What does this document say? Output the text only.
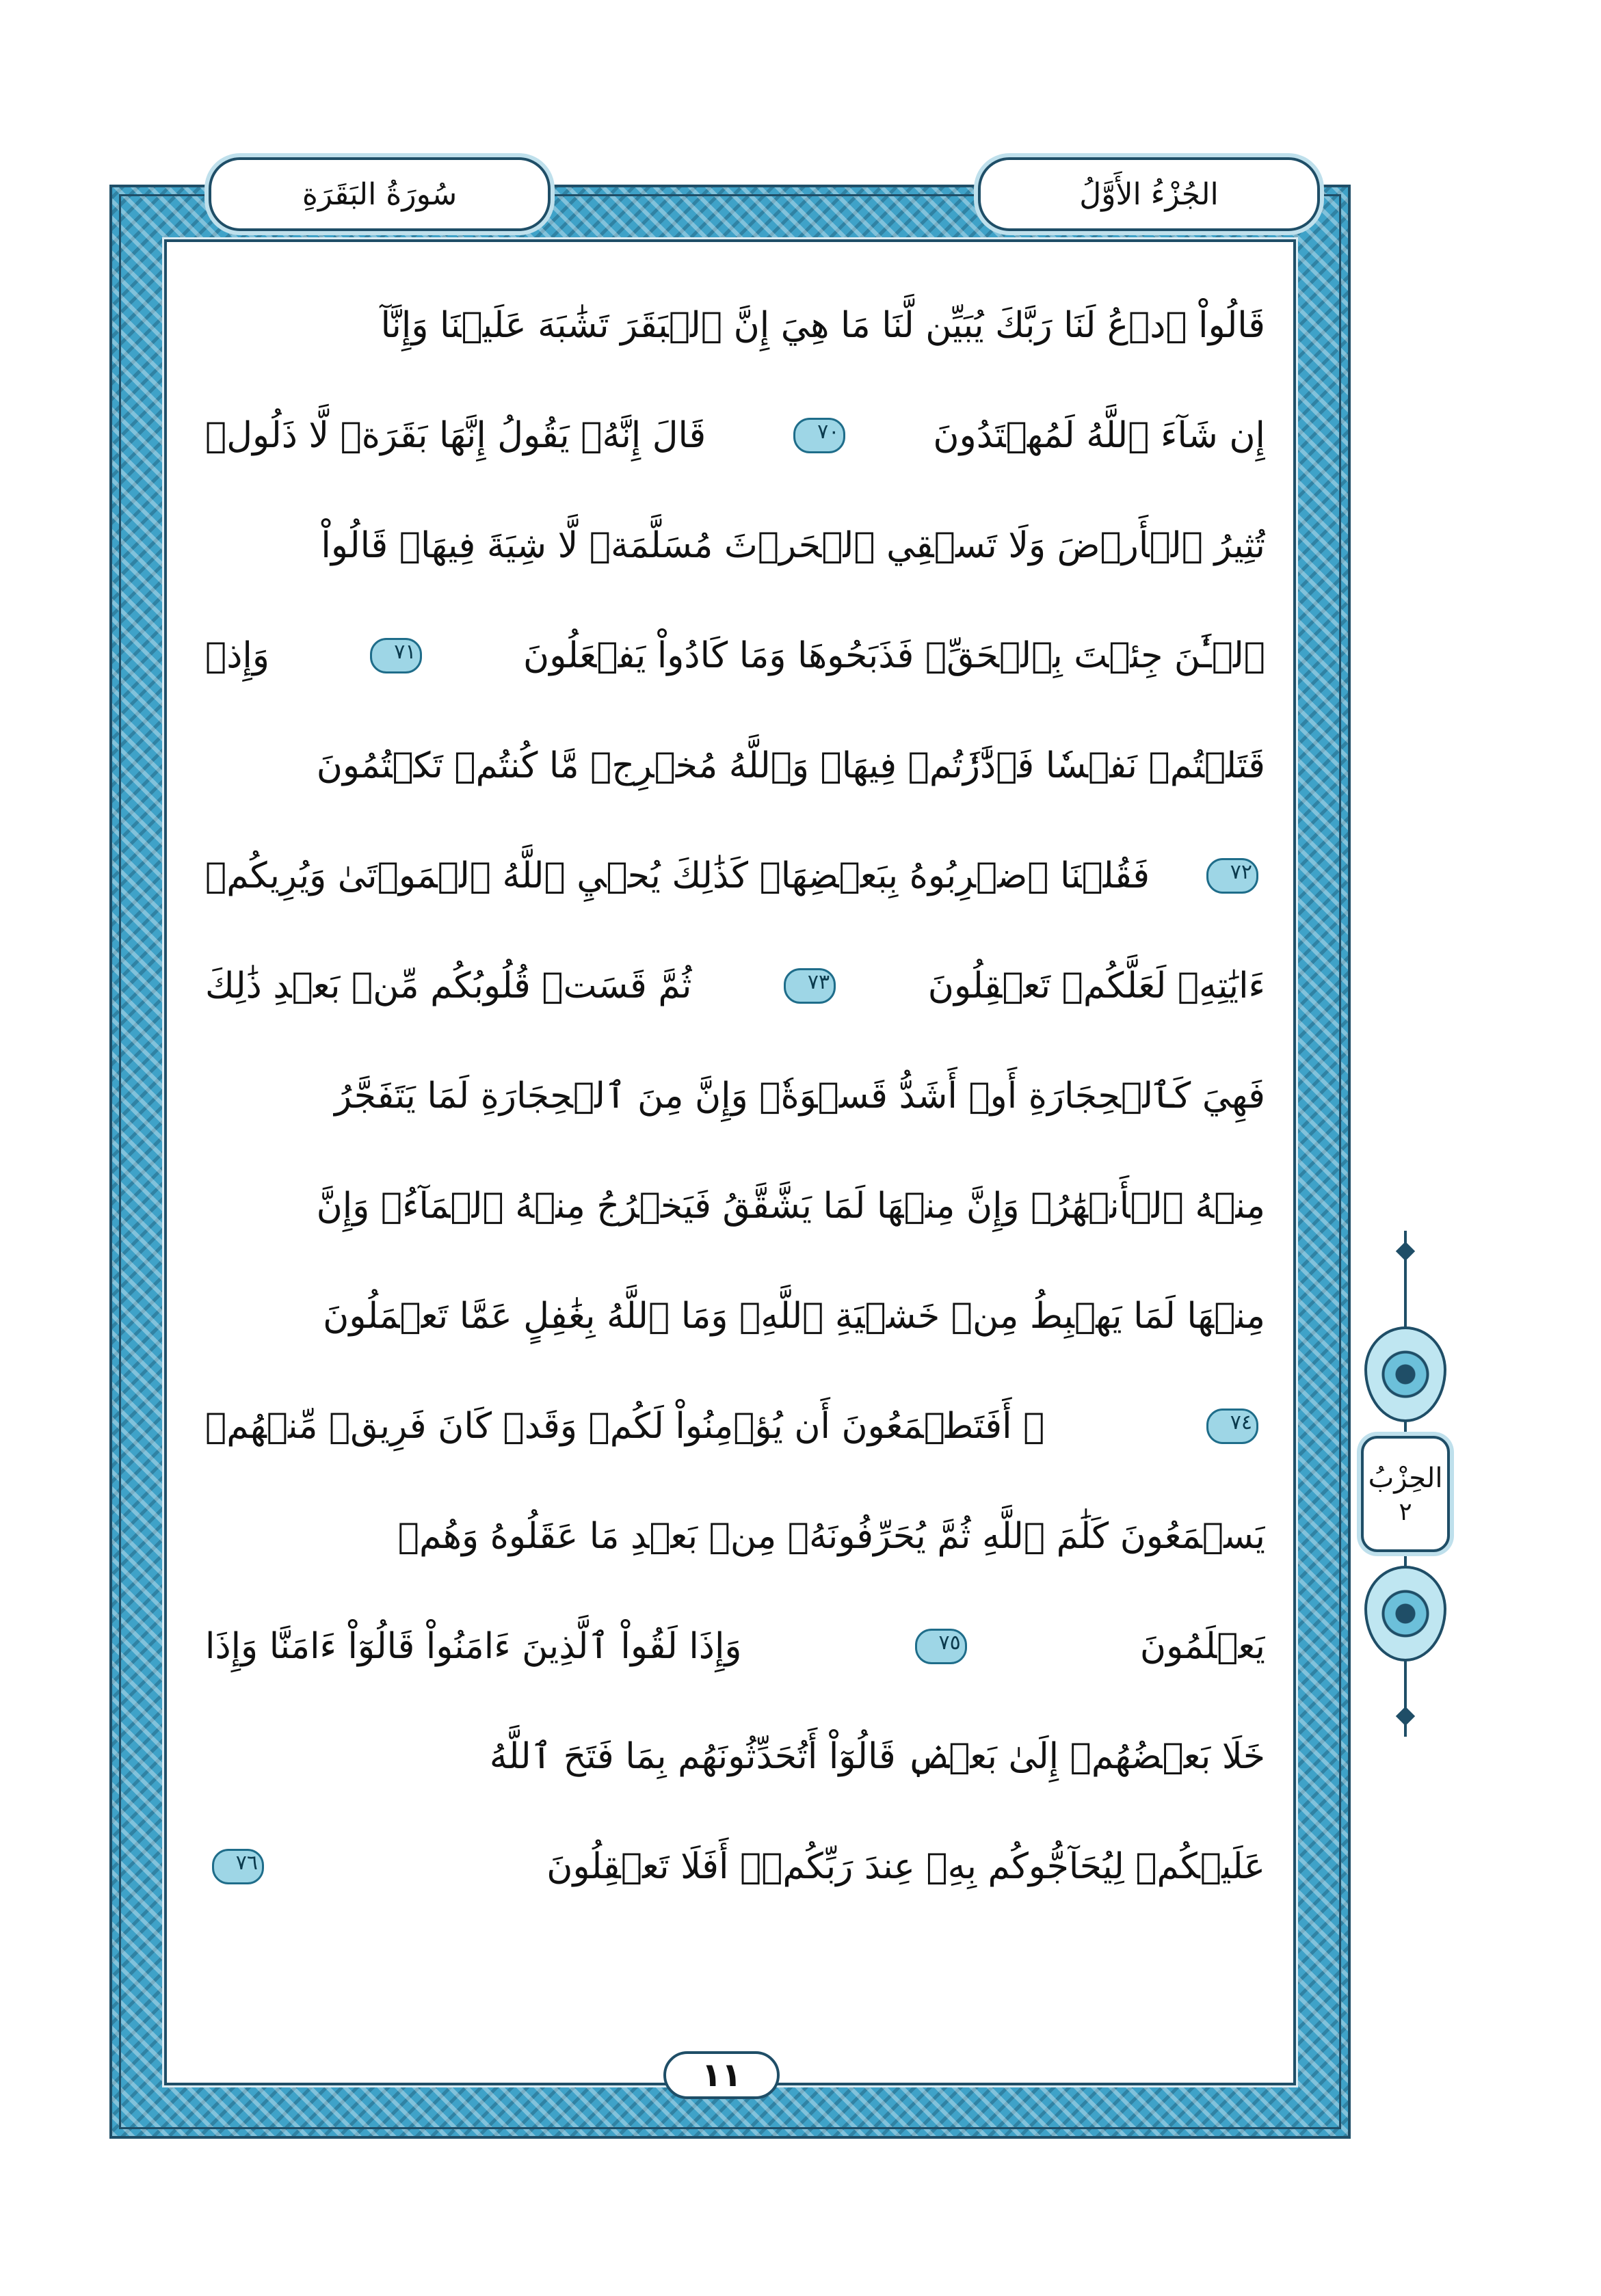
سُورَةُ البَقَرَةِ	الجُزْءُ الأَوَّلُ
قَالُواْ ٱدۡعُ لَنَا رَبَّكَ يُبَيِّن لَّنَا مَا هِيَ إِنَّ ٱلۡبَقَرَ تَشَٰبَهَ عَلَيۡنَا وَإِنَّآ
إِن شَآءَ ٱللَّهُ لَمُهۡتَدُونَ
٧٠
قَالَ إِنَّهُۥ يَقُولُ إِنَّهَا بَقَرَةٞ لَّا ذَلُولٞ
تُثِيرُ ٱلۡأَرۡضَ وَلَا تَسۡقِي ٱلۡحَرۡثَ مُسَلَّمَةٞ لَّا شِيَةَ فِيهَاۚ قَالُواْ
ٱلۡـَٰٔنَ جِئۡتَ بِٱلۡحَقِّۚ فَذَبَحُوهَا وَمَا كَادُواْ يَفۡعَلُونَ
٧١
وَإِذۡ
قَتَلۡتُمۡ نَفۡسٗا فَٱدَّٰرَٰٔتُمۡ فِيهَاۖ وَٱللَّهُ مُخۡرِجٞ مَّا كُنتُمۡ تَكۡتُمُونَ
٧٢
فَقُلۡنَا ٱضۡرِبُوهُ بِبَعۡضِهَاۚ كَذَٰلِكَ يُحۡيِ ٱللَّهُ ٱلۡمَوۡتَىٰ وَيُرِيكُمۡ
ءَايَٰتِهِۦ لَعَلَّكُمۡ تَعۡقِلُونَ
٧٣
ثُمَّ قَسَتۡ قُلُوبُكُم مِّنۢ بَعۡدِ ذَٰلِكَ
فَهِيَ كَٱلۡحِجَارَةِ أَوۡ أَشَدُّ قَسۡوَةٗۚ وَإِنَّ مِنَ ٱلۡحِجَارَةِ لَمَا يَتَفَجَّرُ
مِنۡهُ ٱلۡأَنۡهَٰرُۚ وَإِنَّ مِنۡهَا لَمَا يَشَّقَّقُ فَيَخۡرُجُ مِنۡهُ ٱلۡمَآءُۚ وَإِنَّ
مِنۡهَا لَمَا يَهۡبِطُ مِنۡ خَشۡيَةِ ٱللَّهِۗ وَمَا ٱللَّهُ بِغَٰفِلٍ عَمَّا تَعۡمَلُونَ
٧٤
۞ أَفَتَطۡمَعُونَ أَن يُؤۡمِنُواْ لَكُمۡ وَقَدۡ كَانَ فَرِيقٞ مِّنۡهُمۡ
يَسۡمَعُونَ كَلَٰمَ ٱللَّهِ ثُمَّ يُحَرِّفُونَهُۥ مِنۢ بَعۡدِ مَا عَقَلُوهُ وَهُمۡ
يَعۡلَمُونَ
٧٥
وَإِذَا لَقُواْ ٱلَّذِينَ ءَامَنُواْ قَالُوٓاْ ءَامَنَّا وَإِذَا
خَلَا بَعۡضُهُمۡ إِلَىٰ بَعۡضٖ قَالُوٓاْ أَتُحَدِّثُونَهُم بِمَا فَتَحَ ٱللَّهُ
عَلَيۡكُمۡ لِيُحَآجُّوكُم بِهِۦ عِندَ رَبِّكُمۡۚ أَفَلَا تَعۡقِلُونَ
٧٦
١١
الحِزْبُ
٢
